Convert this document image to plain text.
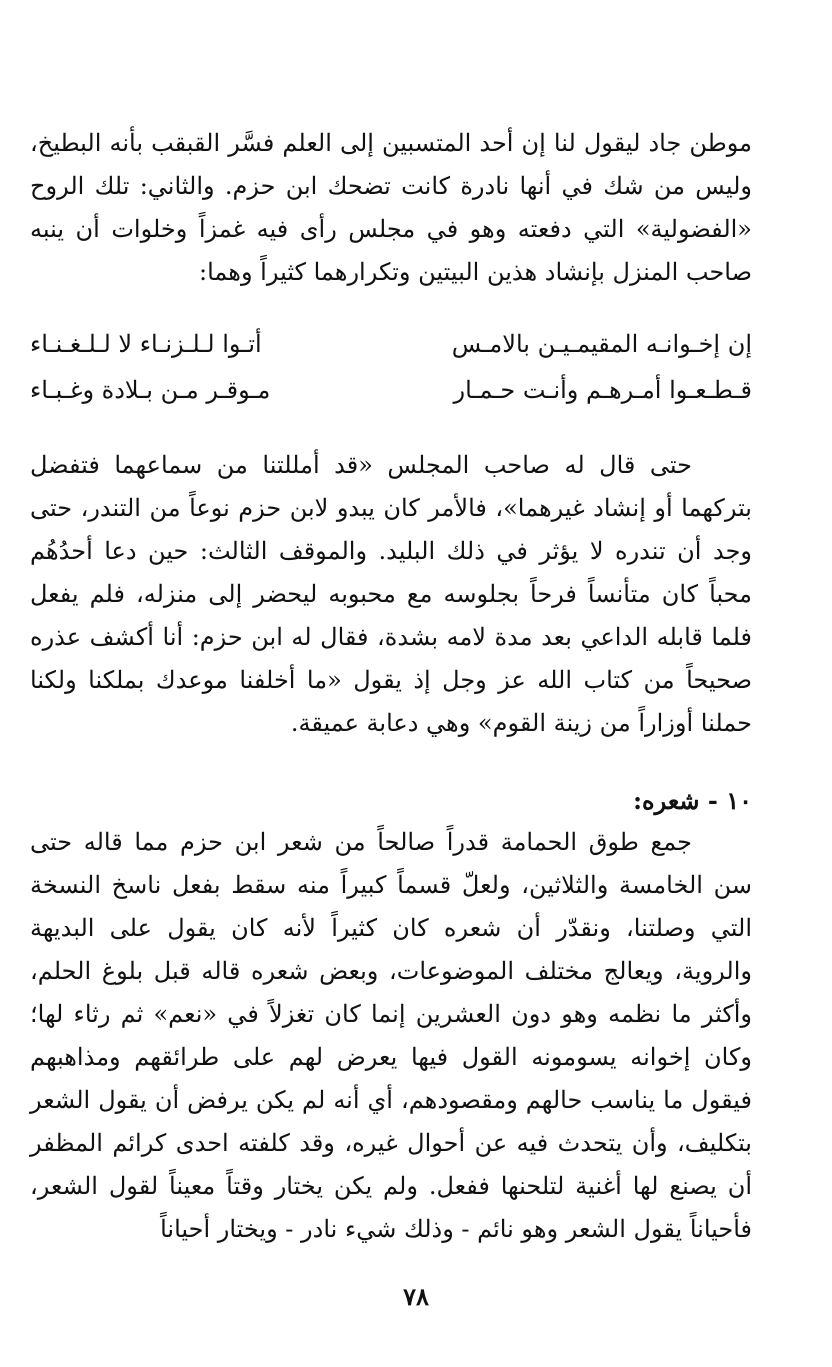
موطن جاد ليقول لنا إن أحد المتسبين إلى العلم فسَّر القبقب بأنه البطيخ، وليس من شك في أنها نادرة كانت تضحك ابن حزم. والثاني: تلك الروح «الفضولية» التي دفعته وهو في مجلس رأى فيه غمزاً وخلوات أن ينبه صاحب المنزل بإنشاد هذين البيتين وتكرارهما كثيراً وهما:

إن إخـوانـه المقيمـيـن بالامـس
أتـوا لـلـزنـاء لا لـلـغـنـاء
قـطـعـوا أمـرهـم وأنـت حـمـار
مـوقـر مـن بـلادة وغـبـاء

حتى قال له صاحب المجلس «قد أمللتنا من سماعهما فتفضل بتركهما أو إنشاد غيرهما»، فالأمر كان يبدو لابن حزم نوعاً من التندر، حتى وجد أن تندره لا يؤثر في ذلك البليد. والموقف الثالث: حين دعا أحدُهُم محباً كان متأنساً فرحاً بجلوسه مع محبوبه ليحضر إلى منزله، فلم يفعل فلما قابله الداعي بعد مدة لامه بشدة، فقال له ابن حزم: أنا أكشف عذره صحيحاً من كتاب الله عز وجل إذ يقول «ما أخلفنا موعدك بملكنا ولكنا حملنا أوزاراً من زينة القوم» وهي دعابة عميقة.

١٠ - شعره:

جمع طوق الحمامة قدراً صالحاً من شعر ابن حزم مما قاله حتى سن الخامسة والثلاثين، ولعلّ قسماً كبيراً منه سقط بفعل ناسخ النسخة التي وصلتنا، ونقدّر أن شعره كان كثيراً لأنه كان يقول على البديهة والروية، ويعالج مختلف الموضوعات، وبعض شعره قاله قبل بلوغ الحلم، وأكثر ما نظمه وهو دون العشرين إنما كان تغزلاً في «نعم» ثم رثاء لها؛ وكان إخوانه يسومونه القول فيها يعرض لهم على طرائقهم ومذاهبهم فيقول ما يناسب حالهم ومقصودهم، أي أنه لم يكن يرفض أن يقول الشعر بتكليف، وأن يتحدث فيه عن أحوال غيره، وقد كلفته احدى كرائم المظفر أن يصنع لها أغنية لتلحنها ففعل. ولم يكن يختار وقتاً معيناً لقول الشعر، فأحياناً يقول الشعر وهو نائم - وذلك شيء نادر - ويختار أحياناً

٧٨
